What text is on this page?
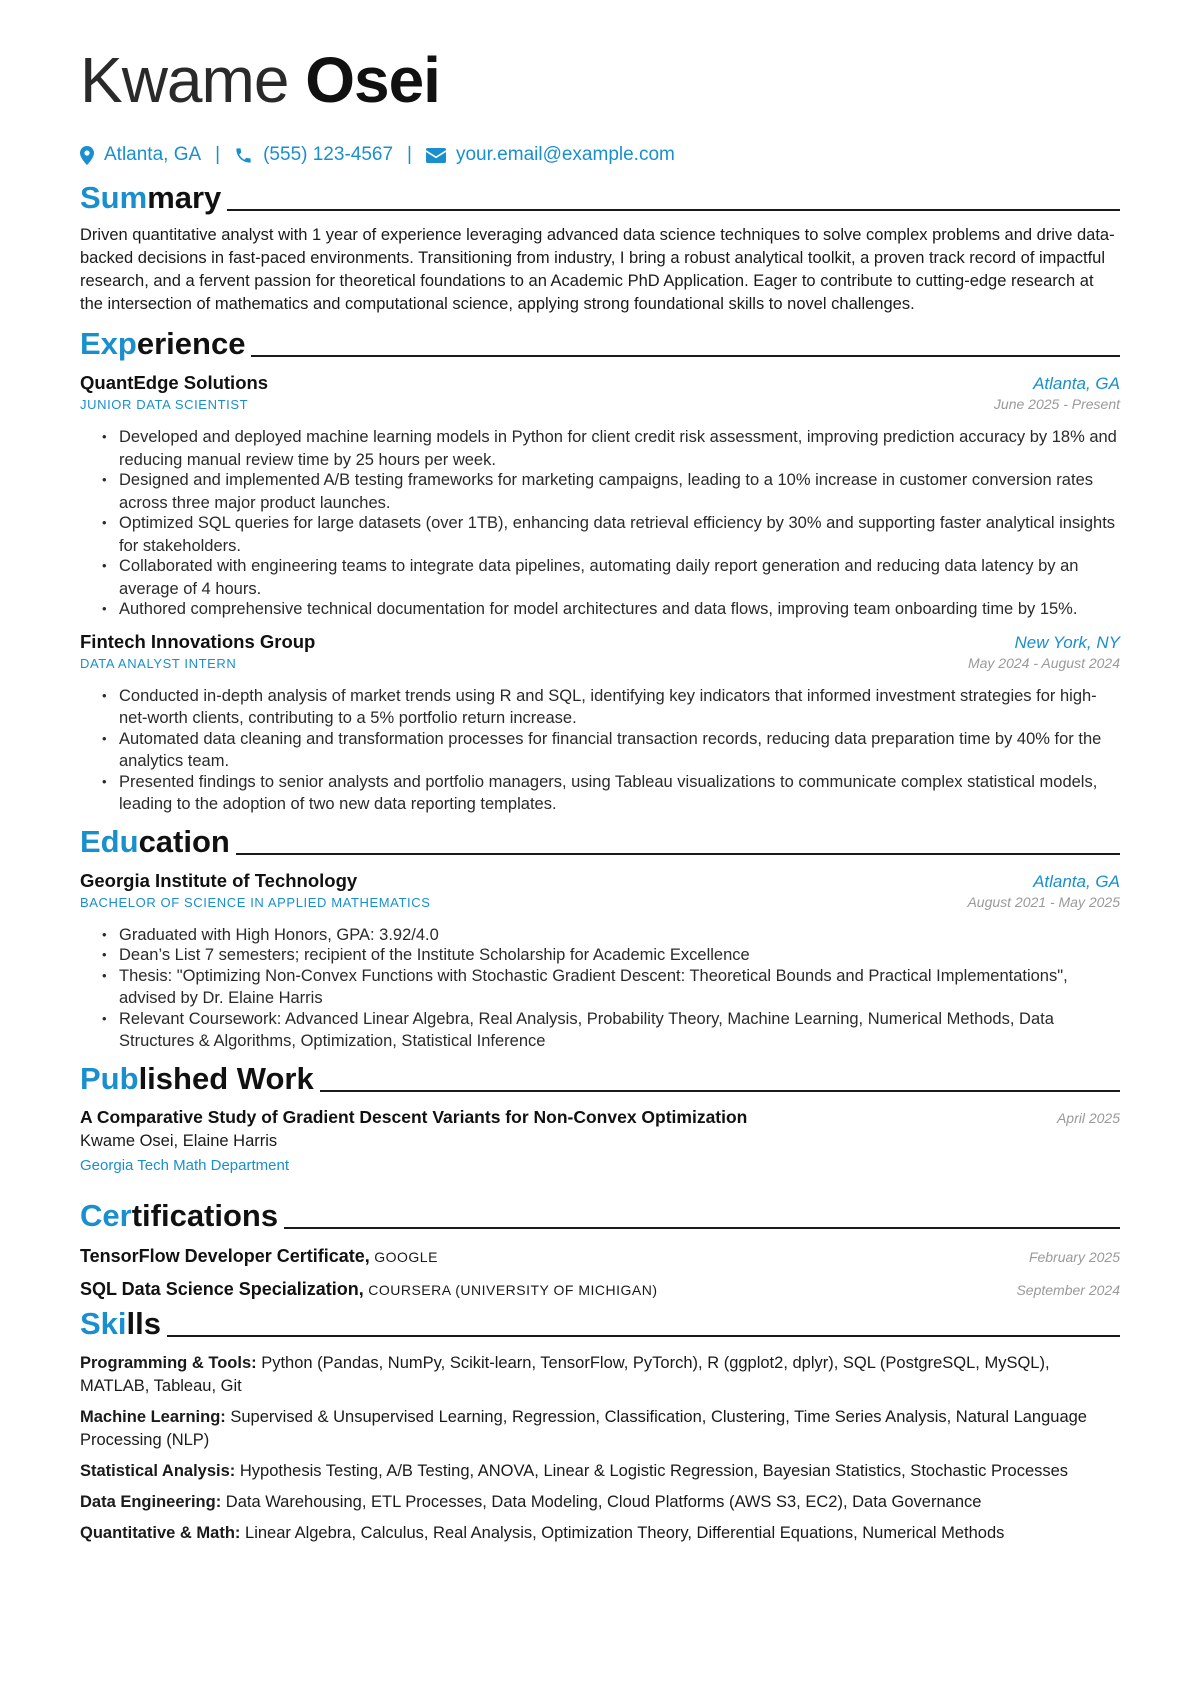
Kwame Osei
Atlanta, GA | (555) 123-4567 | your.email@example.com
Summary

Driven quantitative analyst with 1 year of experience leveraging advanced data science techniques to solve complex problems and drive data-backed decisions in fast-paced environments. Transitioning from industry, I bring a robust analytical toolkit, a proven track record of impactful research, and a fervent passion for theoretical foundations to an Academic PhD Application. Eager to contribute to cutting-edge research at the intersection of mathematics and computational science, applying strong foundational skills to novel challenges.

Experience
QuantEdge Solutions	Atlanta, GA
JUNIOR DATA SCIENTIST	June 2025 - Present
• Developed and deployed machine learning models in Python for client credit risk assessment, improving prediction accuracy by 18% and reducing manual review time by 25 hours per week.
• Designed and implemented A/B testing frameworks for marketing campaigns, leading to a 10% increase in customer conversion rates across three major product launches.
• Optimized SQL queries for large datasets (over 1TB), enhancing data retrieval efficiency by 30% and supporting faster analytical insights for stakeholders.
• Collaborated with engineering teams to integrate data pipelines, automating daily report generation and reducing data latency by an average of 4 hours.
• Authored comprehensive technical documentation for model architectures and data flows, improving team onboarding time by 15%.
Fintech Innovations Group	New York, NY
DATA ANALYST INTERN	May 2024 - August 2024
• Conducted in-depth analysis of market trends using R and SQL, identifying key indicators that informed investment strategies for high-net-worth clients, contributing to a 5% portfolio return increase.
• Automated data cleaning and transformation processes for financial transaction records, reducing data preparation time by 40% for the analytics team.
• Presented findings to senior analysts and portfolio managers, using Tableau visualizations to communicate complex statistical models, leading to the adoption of two new data reporting templates.
Education
Georgia Institute of Technology	Atlanta, GA
BACHELOR OF SCIENCE IN APPLIED MATHEMATICS	August 2021 - May 2025
• Graduated with High Honors, GPA: 3.92/4.0
• Dean’s List 7 semesters; recipient of the Institute Scholarship for Academic Excellence
• Thesis: "Optimizing Non-Convex Functions with Stochastic Gradient Descent: Theoretical Bounds and Practical Implementations", advised by Dr. Elaine Harris
• Relevant Coursework: Advanced Linear Algebra, Real Analysis, Probability Theory, Machine Learning, Numerical Methods, Data Structures & Algorithms, Optimization, Statistical Inference
Published Work
A Comparative Study of Gradient Descent Variants for Non-Convex Optimization	April 2025
Kwame Osei, Elaine Harris
Georgia Tech Math Department
Certifications
TensorFlow Developer Certificate, GOOGLE	February 2025
SQL Data Science Specialization, COURSERA (UNIVERSITY OF MICHIGAN)	September 2024
Skills
Programming & Tools: Python (Pandas, NumPy, Scikit-learn, TensorFlow, PyTorch), R (ggplot2, dplyr), SQL (PostgreSQL, MySQL), MATLAB, Tableau, Git
Machine Learning: Supervised & Unsupervised Learning, Regression, Classification, Clustering, Time Series Analysis, Natural Language Processing (NLP)
Statistical Analysis: Hypothesis Testing, A/B Testing, ANOVA, Linear & Logistic Regression, Bayesian Statistics, Stochastic Processes
Data Engineering: Data Warehousing, ETL Processes, Data Modeling, Cloud Platforms (AWS S3, EC2), Data Governance
Quantitative & Math: Linear Algebra, Calculus, Real Analysis, Optimization Theory, Differential Equations, Numerical Methods
